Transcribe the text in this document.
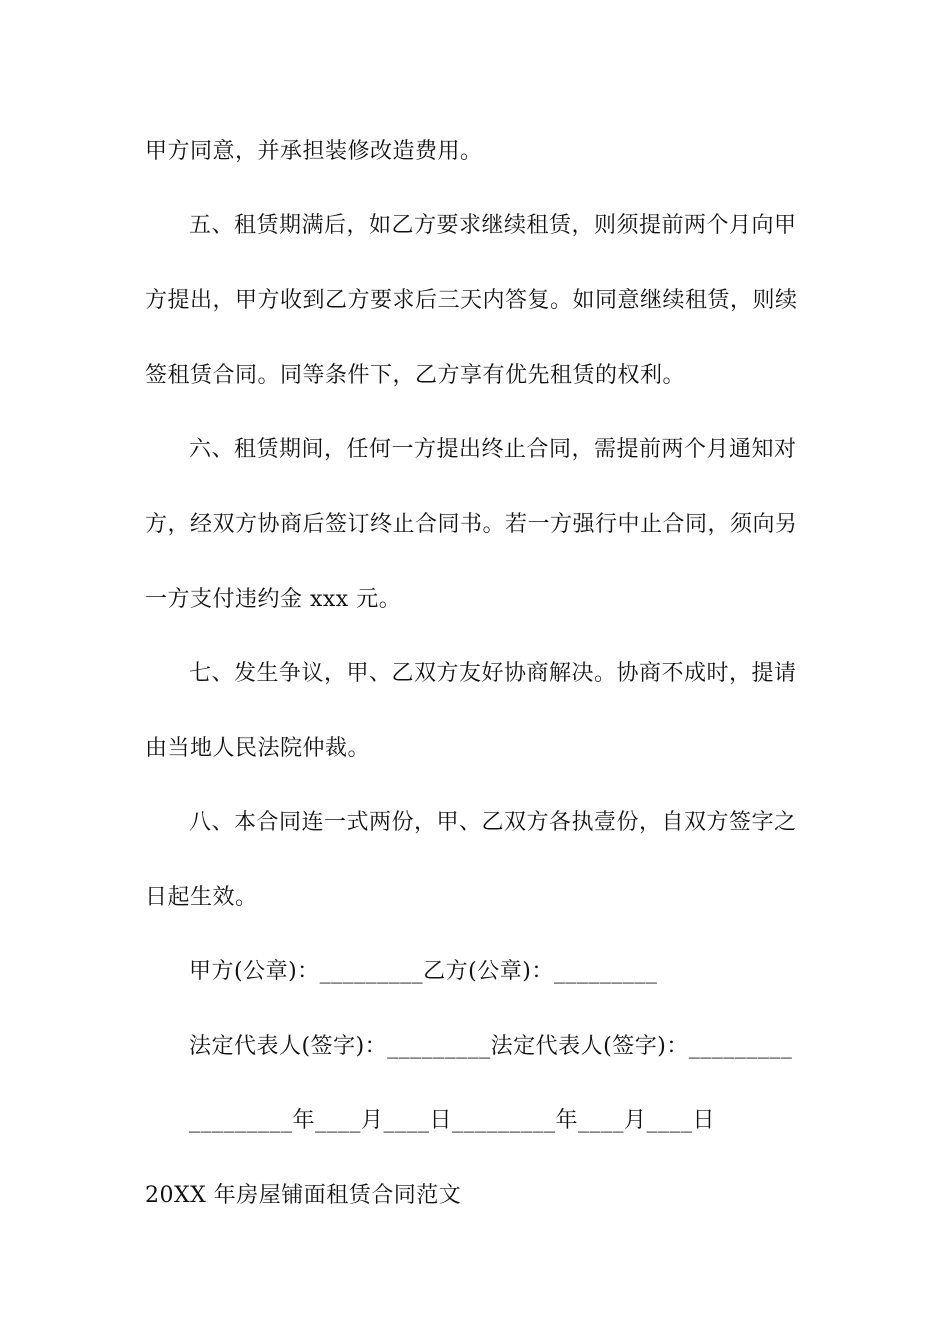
甲方同意，并承担装修改造费用。
五、租赁期满后，如乙方要求继续租赁，则须提前两个月向甲
方提出，甲方收到乙方要求后三天内答复。如同意继续租赁，则续
签租赁合同。同等条件下，乙方享有优先租赁的权利。
六、租赁期间，任何一方提出终止合同，需提前两个月通知对
方，经双方协商后签订终止合同书。若一方强行中止合同，须向另
一方支付违约金 xxx 元。
七、发生争议，甲、乙双方友好协商解决。协商不成时，提请
由当地人民法院仲裁。
八、本合同连一式两份，甲、乙双方各执壹份，自双方签字之
日起生效。
甲方(公章)：_________乙方(公章)：_________
法定代表人(签字)：_________法定代表人(签字)：_________
_________年____月____日_________年____月____日
20XX 年房屋铺面租赁合同范文
